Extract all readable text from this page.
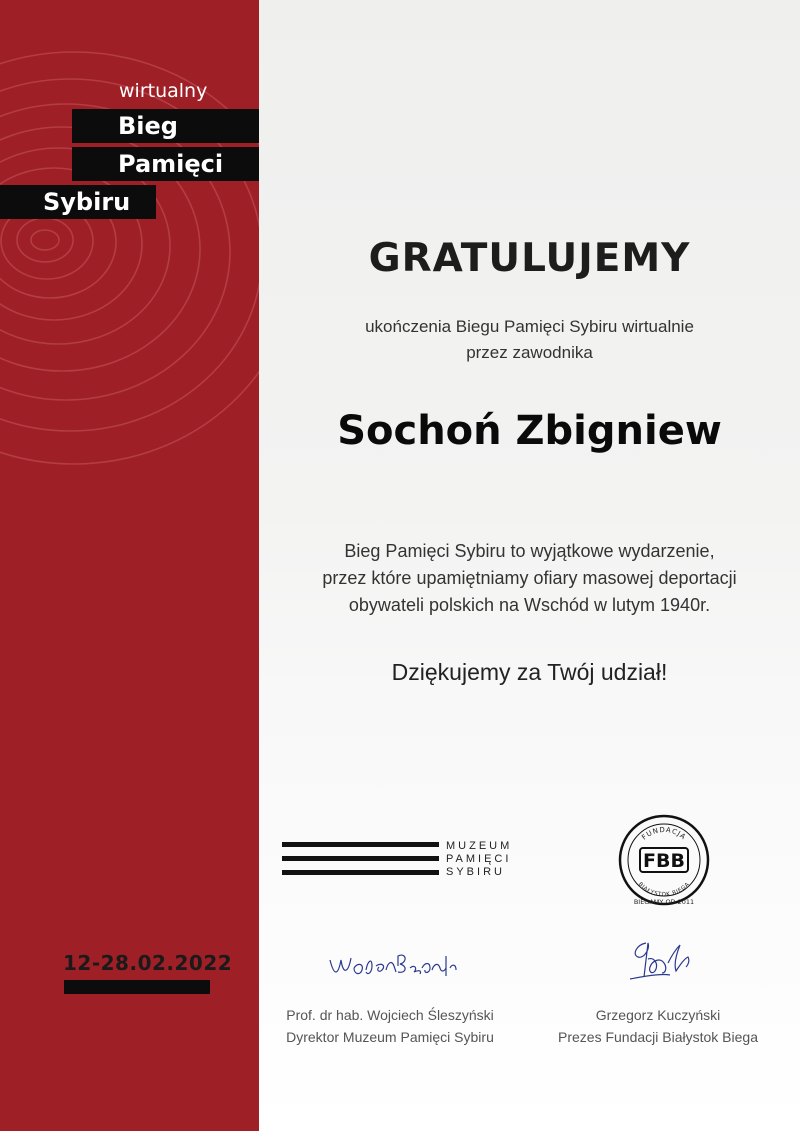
wirtualny
Bieg
Pamięci
Sybiru
12-28.02.2022
GRATULUJEMY
ukończenia Biegu Pamięci Sybiru wirtualnie
przez zawodnika
Sochoń Zbigniew
Bieg Pamięci Sybiru to wyjątkowe wydarzenie,
przez które upamiętniamy ofiary masowej deportacji
obywateli polskich na Wschód w lutym 1940r.
Dziękujemy za Twój udział!
MUZEUM
PAMIĘCI
SYBIRU
FUNDACJA
FBB
BIAŁYSTOK BIEGA
BIEGAMY OD 2011
Prof. dr hab. Wojciech Śleszyński
Dyrektor Muzeum Pamięci Sybiru
Grzegorz Kuczyński
Prezes Fundacji Białystok Biega
